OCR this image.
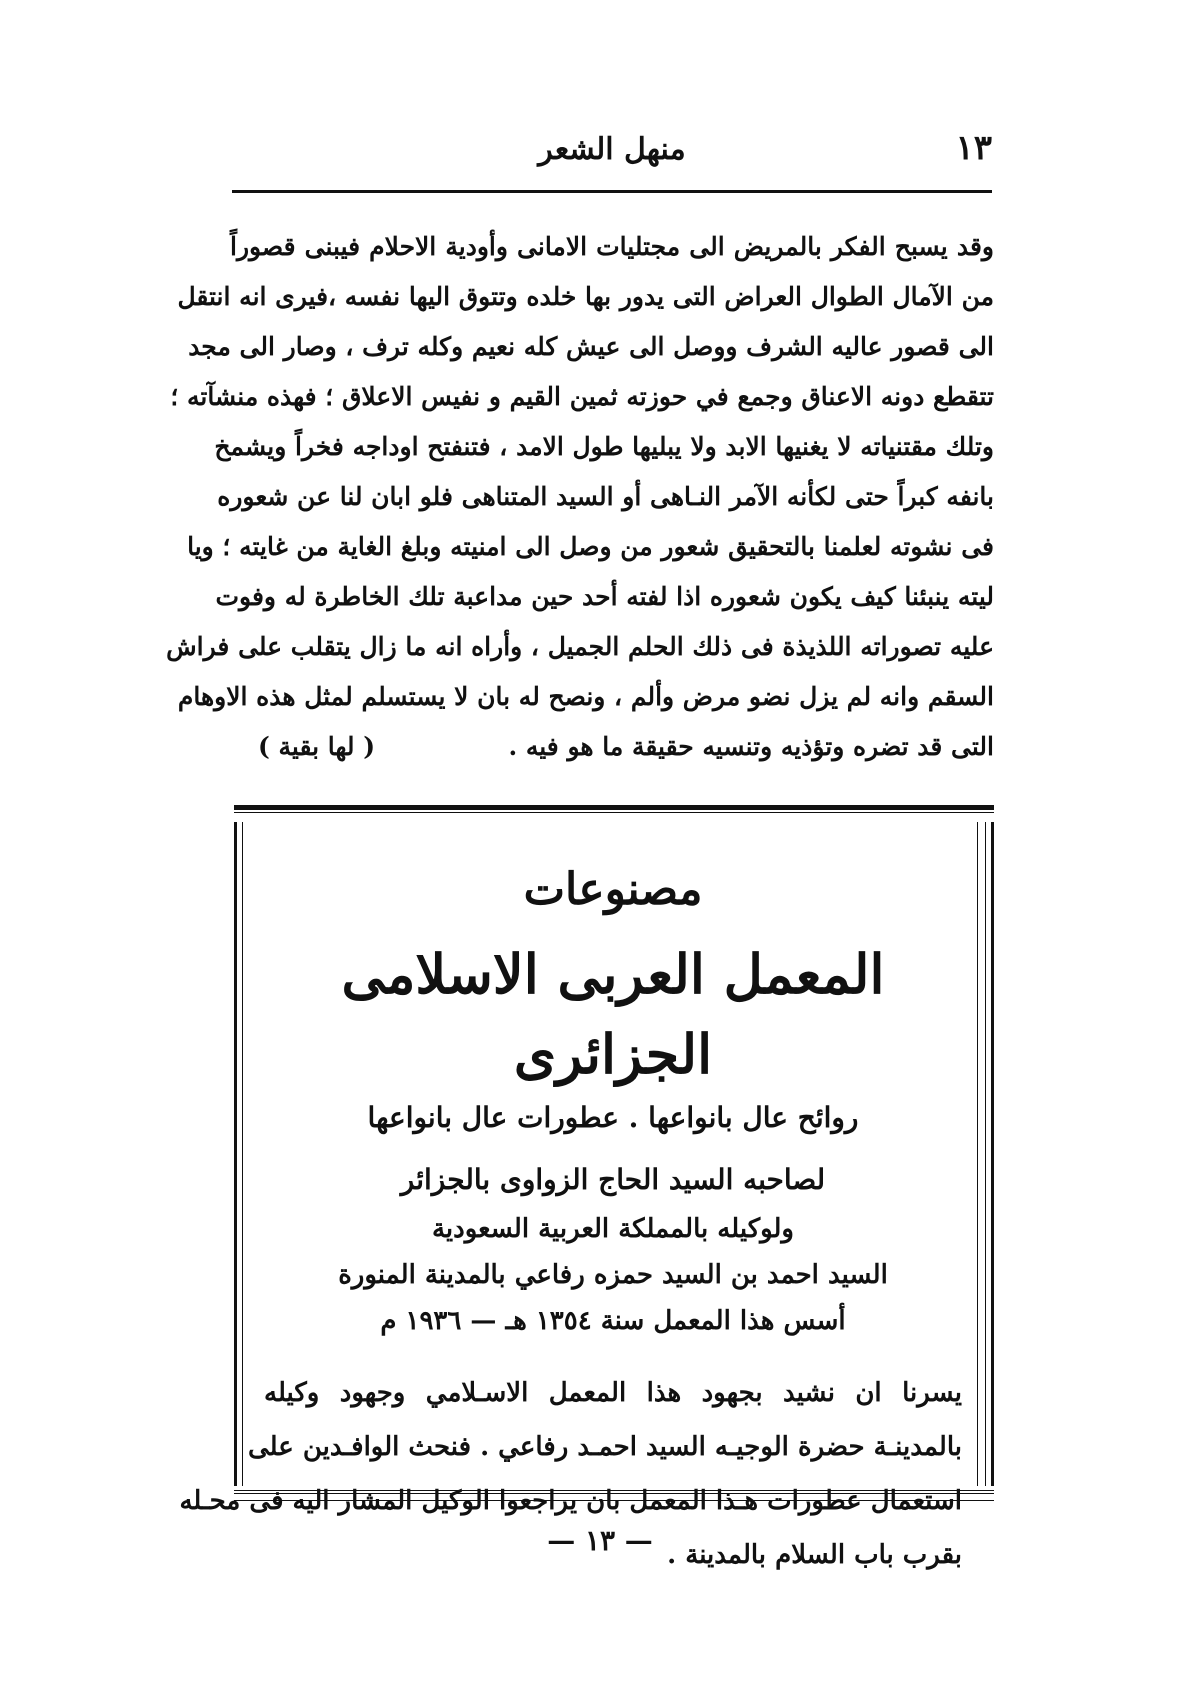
١٣
منهل الشعر
وقد يسبح الفكر بالمريض الى مجتليات الامانى وأودية الاحلام فيبنى قصوراً
من الآمال الطوال العراض التى يدور بها خلده وتتوق اليها نفسه ،فيرى انه انتقل
الى قصور عاليه الشرف ووصل الى عيش كله نعيم وكله ترف ، وصار الى مجد
تتقطع دونه الاعناق وجمع في حوزته ثمين القيم و نفيس الاعلاق ؛ فهذه منشآته ؛
وتلك مقتنياته لا يغنيها الابد ولا يبليها طول الامد ، فتنفتح اوداجه فخراً ويشمخ
بانفه كبراً حتى لكأنه الآمر النـاهى أو السيد المتناهى فلو ابان لنا عن شعوره
فى نشوته لعلمنا بالتحقيق شعور من وصل الى امنيته وبلغ الغاية من غايته ؛ ويا
ليته ينبئنا كيف يكون شعوره اذا لفته أحد حين مداعبة تلك الخاطرة له وفوت
عليه تصوراته اللذيذة فى ذلك الحلم الجميل ، وأراه انه ما زال يتقلب على فراش
السقم وانه لم يزل نضو مرض وألم ، ونصح له بان لا يستسلم لمثل هذه الاوهام
التى قد تضره وتؤذيه وتنسيه حقيقة ما هو فيه .
( لها بقية )
مصنوعات
المعمل العربى الاسلامى الجزائرى
روائح عال بانواعها . عطورات عال بانواعها
لصاحبه السيد الحاج الزواوى بالجزائر
ولوكيله بالمملكة العربية السعودية
السيد احمد بن السيد حمزه رفاعي بالمدينة المنورة
أسس هذا المعمل سنة ١٣٥٤ هـ — ١٩٣٦ م
يسرنا ان نشيد بجهود هذا المعمل الاسـلامي وجهود وكيله
بالمدينـة حضرة الوجيـه السيد احمـد رفاعي . فنحث الوافـدين على
استعمال عطورات هـذا المعمل بان يراجعوا الوكيل المشار اليه فى محـله
بقرب باب السلام بالمدينة .
— ١٣ —
